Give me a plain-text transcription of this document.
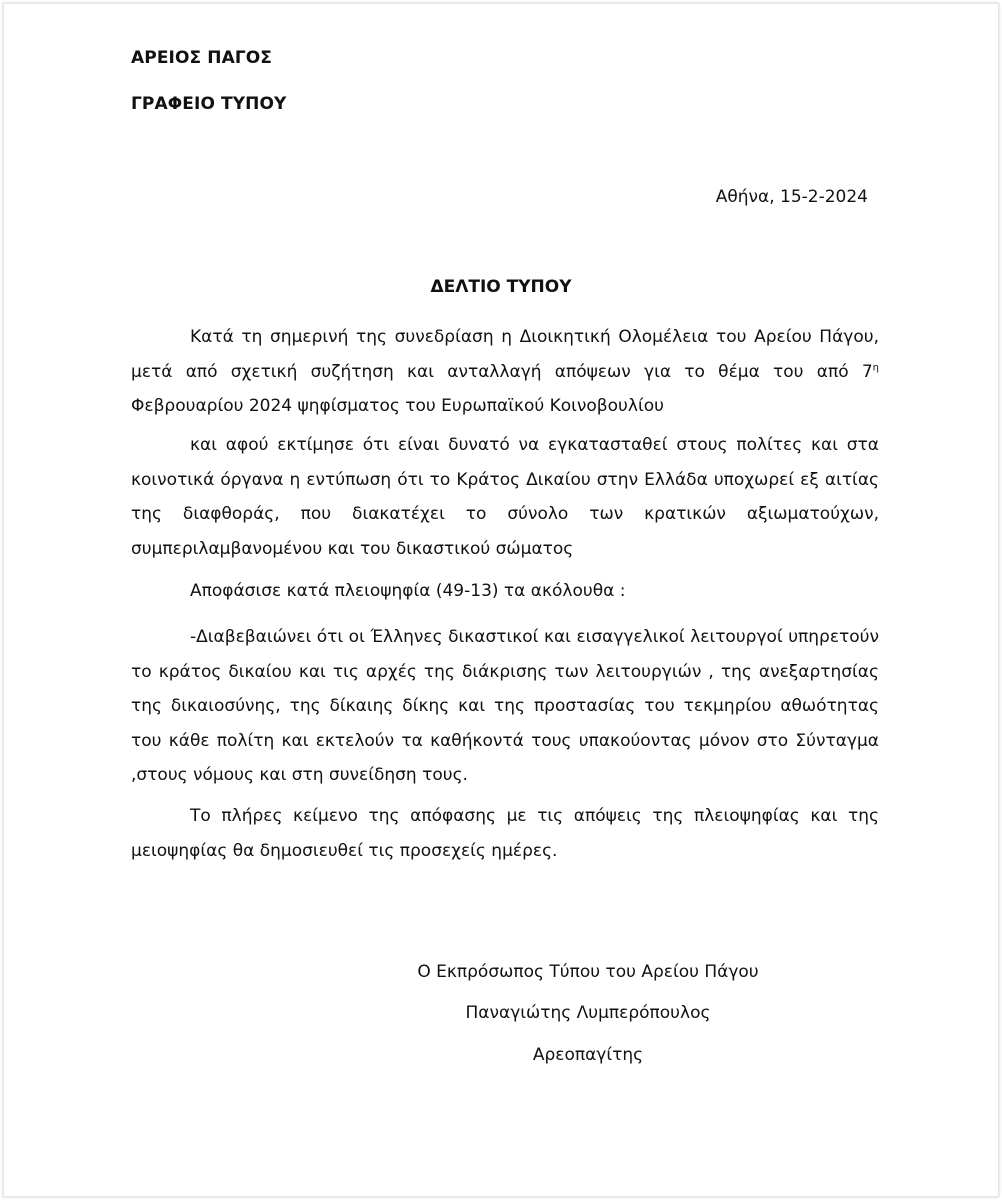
ΑΡΕΙΟΣ ΠΑΓΟΣ
ΓΡΑΦΕΙΟ ΤΥΠΟΥ
Αθήνα, 15-2-2024
ΔΕΛΤΙΟ ΤΥΠΟΥ

Κατά τη σημερινή της συνεδρίαση η Διοικητική Ολομέλεια του Αρείου Πάγου, μετά από σχετική συζήτηση και ανταλλαγή απόψεων για το θέμα του από $7^\eta$ Φεβρουαρίου 2024 ψηφίσματος του Ευρωπαϊκού Κοινοβουλίου

και αφού εκτίμησε ότι είναι δυνατό να εγκατασταθεί στους πολίτες και στα κοινοτικά όργανα η εντύπωση ότι το Κράτος Δικαίου στην Ελλάδα υποχωρεί εξ αιτίας της διαφθοράς, που διακατέχει το σύνολο των κρατικών αξιωματούχων, συμπεριλαμβανομένου και του δικαστικού σώματος

Αποφάσισε κατά πλειοψηφία (49-13) τα ακόλουθα :

-Διαβεβαιώνει ότι οι Έλληνες δικαστικοί και εισαγγελικοί λειτουργοί υπηρετούν το κράτος δικαίου και τις αρχές της διάκρισης των λειτουργιών , της ανεξαρτησίας της δικαιοσύνης, της δίκαιης δίκης και της προστασίας του τεκμηρίου αθωότητας του κάθε πολίτη και εκτελούν τα καθήκοντά τους υπακούοντας μόνον στο Σύνταγμα ,στους νόμους και στη συνείδηση τους.

Το πλήρες κείμενο της απόφασης με τις απόψεις της πλειοψηφίας και της μειοψηφίας θα δημοσιευθεί τις προσεχείς ημέρες.

Ο Εκπρόσωπος Τύπου του Αρείου Πάγου
Παναγιώτης Λυμπερόπουλος
Αρεοπαγίτης
